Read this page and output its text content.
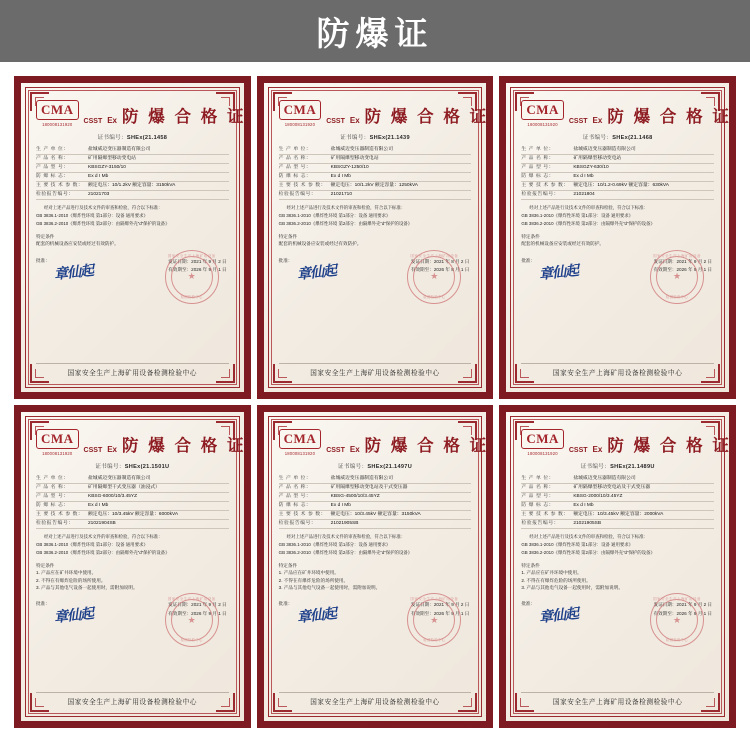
防爆证
CMA
180008131920 CSST Ex 防 爆 合 格 证
证书编号：SHEx(21.1458
生 产 单 位：	盐城威迈变压器制造有限公司
产 品 名 称：	矿用隔爆型移动变电站
产 品 型 号：	KBSGZY-3150/10
防 爆 标 志：	Ex d I Mb
主 要 技 术 参 数： 额定电压：10/1.2kV 额定容量：3150kVA
检验报告编号：	21021703

经对上述产品进行及技术文件的审查和检验，符合以下标准：

GB 3836.1-2010《爆炸性环境 第1部分：设备 通用要求》

GB 3836.2-2010《爆炸性环境 第2部分：由隔爆外壳“d”保护的设备》

特定条件
配套的机械设备应安装或经过有效防护。
批准：
章仙起
发证日期：2021 年 9 月 2 日
有效期至：2026 年 9 月 1 日
国家安全生产上海矿用设备
★
检测检验中心
国家安全生产上海矿用设备检测检验中心
CMA
180008131920 CSST Ex 防 爆 合 格 证
证书编号：SHEx(21.1439
生 产 单 位：	盐城威迈变压器制造有限公司
产 品 名 称：	矿用隔爆型移动变电站
产 品 型 号：	KBSGZY-1250/10
防 爆 标 志：	Ex d I Mb
主 要 技 术 参 数： 额定电压：10/1.2kV 额定容量：1250kVA
检验报告编号：	21021710

经对上述产品进行及技术文件的审查和检验，符合以下标准：

GB 3836.1-2010《爆炸性环境 第1部分：设备 通用要求》

GB 3836.2-2010《爆炸性环境 第2部分：由隔爆外壳“d”保护的设备》

特定条件
配套的机械设备应安装或经过有效防护。
批准：
章仙起
发证日期：2021 年 8 月 2 日
有效期至：2026 年 8 月 1 日
国家安全生产上海矿用设备
★
检测检验中心
国家安全生产上海矿用设备检测检验中心
CMA
180008131920 CSST Ex 防 爆 合 格 证
证书编号：SHEx(21.1468
生 产 单 位：	盐城威迈变压器制造有限公司
产 品 名 称：	矿用隔爆型移动变电站
产 品 型 号：	KBSGZY-630/10
防 爆 标 志：	Ex d I Mb
主 要 技 术 参 数： 额定电压：10/1.2-0.69kV 额定容量：630kVA
检验报告编号：	21021804

经对上述产品进行及技术文件的审查和检验，符合以下标准：

GB 3836.1-2010《爆炸性环境 第1部分：设备 通用要求》

GB 3836.2-2010《爆炸性环境 第2部分：由隔爆外壳“d”保护的设备》

特定条件
配套的机械设备应安装或经过有效防护。
批准：
章仙起
发证日期：2021 年 9 月 2 日
有效期至：2026 年 9 月 1 日
国家安全生产上海矿用设备
★
检测检验中心
国家安全生产上海矿用设备检测检验中心
CMA
180008131920 CSST Ex 防 爆 合 格 证
证书编号：SHEx(21.1501U
生 产 单 位：	盐城威迈变压器制造有限公司
产 品 名 称：	矿用隔爆型干式变压器（油浸式）
产 品 型 号：	KBSG-6000/10/3.45YZ
防 爆 标 志：	Ex d I Mb
主 要 技 术 参 数： 额定电压：10/3.45kV 额定容量：6000kVA
检验报告编号：	21021904SB

经对上述产品进行及技术文件的审查和检验，符合以下标准：

GB 3836.1-2010《爆炸性环境 第1部分：设备 通用要求》

GB 3836.2-2010《爆炸性环境 第2部分：由隔爆外壳“d”保护的设备》

特定条件
1. 产品应在矿井环境中使用。
2. 不得在有爆炸危险的场所使用。
3. 产品与其他电气设备一起使用时，需附加说明。
批准：
章仙起
发证日期：2021 年 9 月 2 日
有效期至：2026 年 9 月 1 日
国家安全生产上海矿用设备
★
检测检验中心
国家安全生产上海矿用设备检测检验中心
CMA
180008131920 CSST Ex 防 爆 合 格 证
证书编号：SHEx(21.1497U
生 产 单 位：	盐城威迈变压器制造有限公司
产 品 名 称：	矿用隔爆型移动变电站及干式变压器
产 品 型 号：	KBSG-4500/10/3.45YZ
防 爆 标 志：	Ex d I Mb
主 要 技 术 参 数： 额定电压：10/3.45kV 额定容量：3150kVA
检验报告编号：	21021905SB

经对上述产品进行及技术文件的审查和检验，符合以下标准：

GB 3836.1-2010《爆炸性环境 第1部分：设备 通用要求》

GB 3836.2-2010《爆炸性环境 第2部分：由隔爆外壳“d”保护的设备》

特定条件
1. 产品应在矿井环境中使用。
2. 不得在有爆炸危险的场所使用。
3. 产品与其他电气设备一起使用时，需附加说明。
批准：
章仙起
发证日期：2021 年 9 月 2 日
有效期至：2026 年 9 月 1 日
国家安全生产上海矿用设备
★
检测检验中心
国家安全生产上海矿用设备检测检验中心
CMA
180008131920 CSST Ex 防 爆 合 格 证
证书编号：SHEx(21.1489U
生 产 单 位：	盐城威迈变压器制造有限公司
产 品 名 称：	矿用隔爆型移动变电站及干式变压器
产 品 型 号：	KBSG-2000/10/3.45YZ
防 爆 标 志：	Ex d I Mb
主 要 技 术 参 数： 额定电压：10/3.45kV 额定容量：2000kVA
检验报告编号：	21021905SB

经对上述产品进行及技术文件的审查和检验，符合以下标准：

GB 3836.1-2010《爆炸性环境 第1部分：设备 通用要求》

GB 3836.2-2010《爆炸性环境 第2部分：由隔爆外壳“d”保护的设备》

特定条件
1. 产品应在矿井环境中使用。
2. 不得在有爆炸危险的场所使用。
3. 产品与其他电气设备一起使用时，需附加说明。
批准：
章仙起
发证日期：2021 年 9 月 2 日
有效期至：2026 年 9 月 1 日
国家安全生产上海矿用设备
★
检测检验中心
国家安全生产上海矿用设备检测检验中心
